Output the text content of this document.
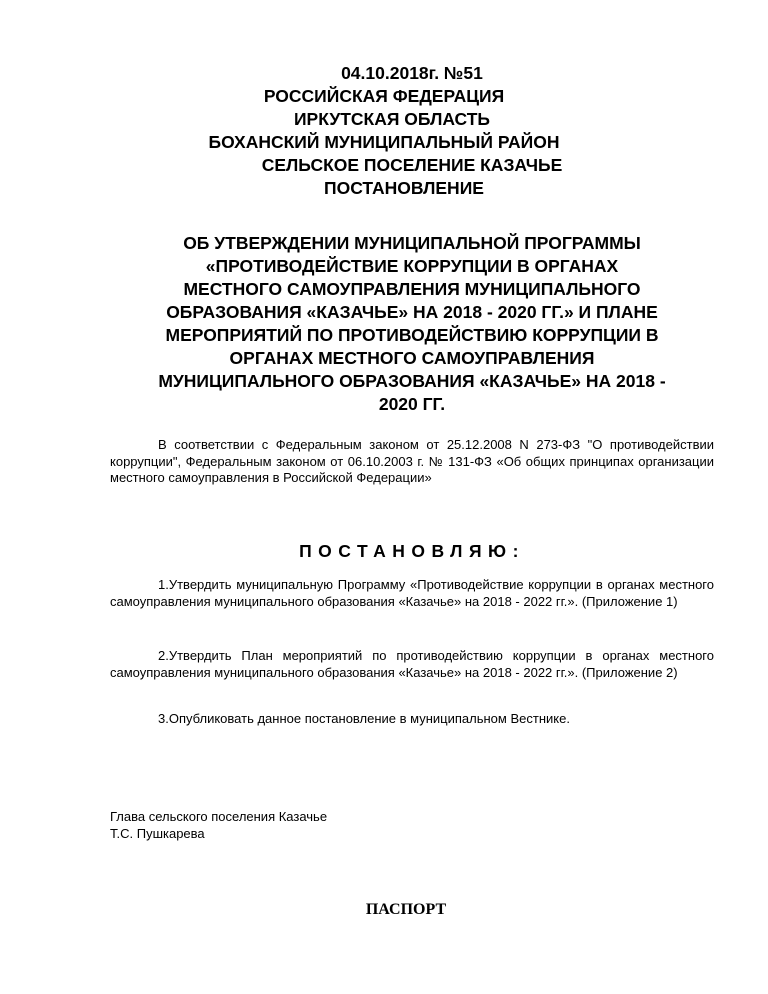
04.10.2018г. №51
РОССИЙСКАЯ ФЕДЕРАЦИЯ
ИРКУТСКАЯ ОБЛАСТЬ
БОХАНСКИЙ МУНИЦИПАЛЬНЫЙ РАЙОН
СЕЛЬСКОЕ ПОСЕЛЕНИЕ КАЗАЧЬЕ
ПОСТАНОВЛЕНИЕ
ОБ УТВЕРЖДЕНИИ МУНИЦИПАЛЬНОЙ ПРОГРАММЫ
«ПРОТИВОДЕЙСТВИЕ КОРРУПЦИИ В ОРГАНАХ
МЕСТНОГО САМОУПРАВЛЕНИЯ МУНИЦИПАЛЬНОГО
ОБРАЗОВАНИЯ «КАЗАЧЬЕ» НА 2018 - 2020 ГГ.» И ПЛАНЕ
МЕРОПРИЯТИЙ ПО ПРОТИВОДЕЙСТВИЮ КОРРУПЦИИ В
ОРГАНАХ МЕСТНОГО САМОУПРАВЛЕНИЯ
МУНИЦИПАЛЬНОГО ОБРАЗОВАНИЯ «КАЗАЧЬЕ» НА 2018 -
2020 ГГ.
В соответствии с Федеральным законом от 25.12.2008 N 273-ФЗ "О противодействии коррупции", Федеральным законом от 06.10.2003 г. № 131-ФЗ «Об общих принципах организации местного самоуправления в Российской Федерации»
ПОСТАНОВЛЯЮ:
1.Утвердить муниципальную Программу «Противодействие коррупции в органах местного самоуправления муниципального образования «Казачье» на 2018 - 2022 гг.». (Приложение 1)
2.Утвердить План мероприятий по противодействию коррупции в органах местного самоуправления муниципального образования «Казачье» на 2018 - 2022 гг.». (Приложение 2)
3.Опубликовать данное постановление в муниципальном Вестнике.
Глава сельского поселения Казачье
Т.С. Пушкарева
ПАСПОРТ
